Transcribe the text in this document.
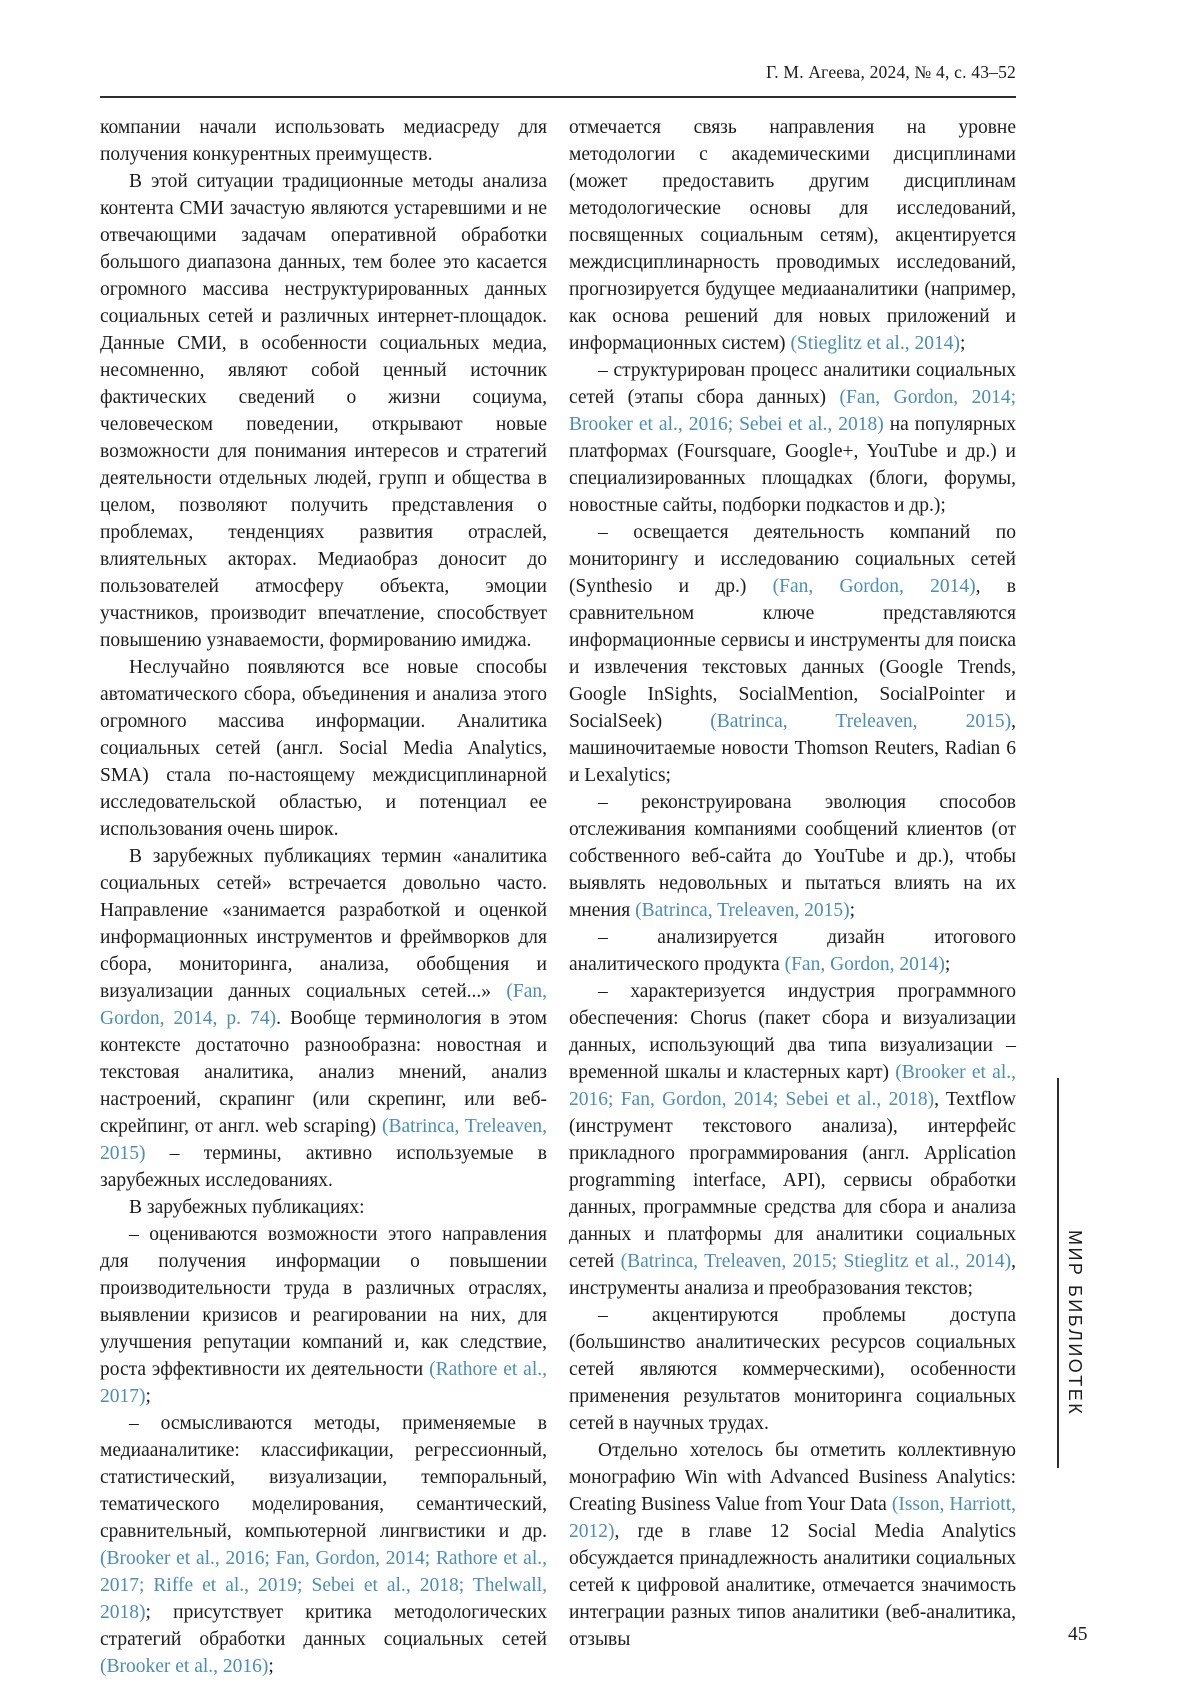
Г. М. Агеева, 2024, № 4, с. 43–52

компании начали использовать медиасреду для получения конкурентных преимуществ.

В этой ситуации традиционные методы анализа контента СМИ зачастую являются устаревшими и не отвечающими задачам оперативной обработки большого диапазона данных, тем более это касается огромного массива неструктурированных данных социальных сетей и различных интернет-площадок. Данные СМИ, в особенности социальных медиа, несомненно, являют собой ценный источник фактических сведений о жизни социума, человеческом поведении, открывают новые возможности для понимания интересов и стратегий деятельности отдельных людей, групп и общества в целом, позволяют получить представления о проблемах, тенденциях развития отраслей, влиятельных акторах. Медиаобраз доносит до пользователей атмосферу объекта, эмоции участников, производит впечатление, способствует повышению узнаваемости, формированию имиджа.

Неслучайно появляются все новые способы автоматического сбора, объединения и анализа этого огромного массива информации. Аналитика социальных сетей (англ. Social Media Analytics, SMA) стала по-настоящему междисциплинарной исследовательской областью, и потенциал ее использования очень широк.

В зарубежных публикациях термин «аналитика социальных сетей» встречается довольно часто. Направление «занимается разработкой и оценкой информационных инструментов и фреймворков для сбора, мониторинга, анализа, обобщения и визуализации данных социальных сетей...» (Fan, Gordon, 2014, p. 74). Вообще терминология в этом контексте достаточно разнообразна: новостная и текстовая аналитика, анализ мнений, анализ настроений, скрапинг (или скрепинг, или веб-скрейпинг, от англ. web scraping) (Batrinca, Treleaven, 2015) – термины, активно используемые в зарубежных исследованиях.

В зарубежных публикациях:

– оцениваются возможности этого направления для получения информации о повышении производительности труда в различных отраслях, выявлении кризисов и реагировании на них, для улучшения репутации компаний и, как следствие, роста эффективности их деятельности (Rathore et al., 2017);

– осмысливаются методы, применяемые в медиааналитике: классификации, регрессионный, статистический, визуализации, темпоральный, тематического моделирования, семантический, сравнительный, компьютерной лингвистики и др. (Brooker et al., 2016; Fan, Gordon, 2014; Rathore et al., 2017; Riffe et al., 2019; Sebei et al., 2018; Thelwall, 2018); присутствует критика методологических стратегий обработки данных социальных сетей (Brooker et al., 2016);

отмечается связь направления на уровне методологии с академическими дисциплинами (может предоставить другим дисциплинам методологические основы для исследований, посвященных социальным сетям), акцентируется междисциплинарность проводимых исследований, прогнозируется будущее медиааналитики (например, как основа решений для новых приложений и информационных систем) (Stieglitz et al., 2014);

– структурирован процесс аналитики социальных сетей (этапы сбора данных) (Fan, Gordon, 2014; Brooker et al., 2016; Sebei et al., 2018) на популярных платформах (Foursquare, Google+, YouTube и др.) и специализированных площадках (блоги, форумы, новостные сайты, подборки подкастов и др.);

– освещается деятельность компаний по мониторингу и исследованию социальных сетей (Synthesio и др.) (Fan, Gordon, 2014), в сравнительном ключе представляются информационные сервисы и инструменты для поиска и извлечения текстовых данных (Google Trends, Google InSights, SocialMention, SocialPointer и SocialSeek) (Batrinca, Treleaven, 2015), машиночитаемые новости Thomson Reuters, Radian 6 и Lexalytics;

– реконструирована эволюция способов отслеживания компаниями сообщений клиентов (от собственного веб-сайта до YouTube и др.), чтобы выявлять недовольных и пытаться влиять на их мнения (Batrinca, Treleaven, 2015);

– анализируется дизайн итогового аналитического продукта (Fan, Gordon, 2014);

– характеризуется индустрия программного обеспечения: Chorus (пакет сбора и визуализации данных, использующий два типа визуализации – временной шкалы и кластерных карт) (Brooker et al., 2016; Fan, Gordon, 2014; Sebei et al., 2018), Textflow (инструмент текстового анализа), интерфейс прикладного программирования (англ. Application programming interface, API), сервисы обработки данных, программные средства для сбора и анализа данных и платформы для аналитики социальных сетей (Batrinca, Treleaven, 2015; Stieglitz et al., 2014), инструменты анализа и преобразования текстов;

– акцентируются проблемы доступа (большинство аналитических ресурсов социальных сетей являются коммерческими), особенности применения результатов мониторинга социальных сетей в научных трудах.

Отдельно хотелось бы отметить коллективную монографию Win with Advanced Business Analytics: Creating Business Value from Your Data (Isson, Harriott, 2012), где в главе 12 Social Media Analytics обсуждается принадлежность аналитики социальных сетей к цифровой аналитике, отмечается значимость интеграции разных типов аналитики (веб-аналитика, отзывы

МИР БИБЛИОТЕК
45
